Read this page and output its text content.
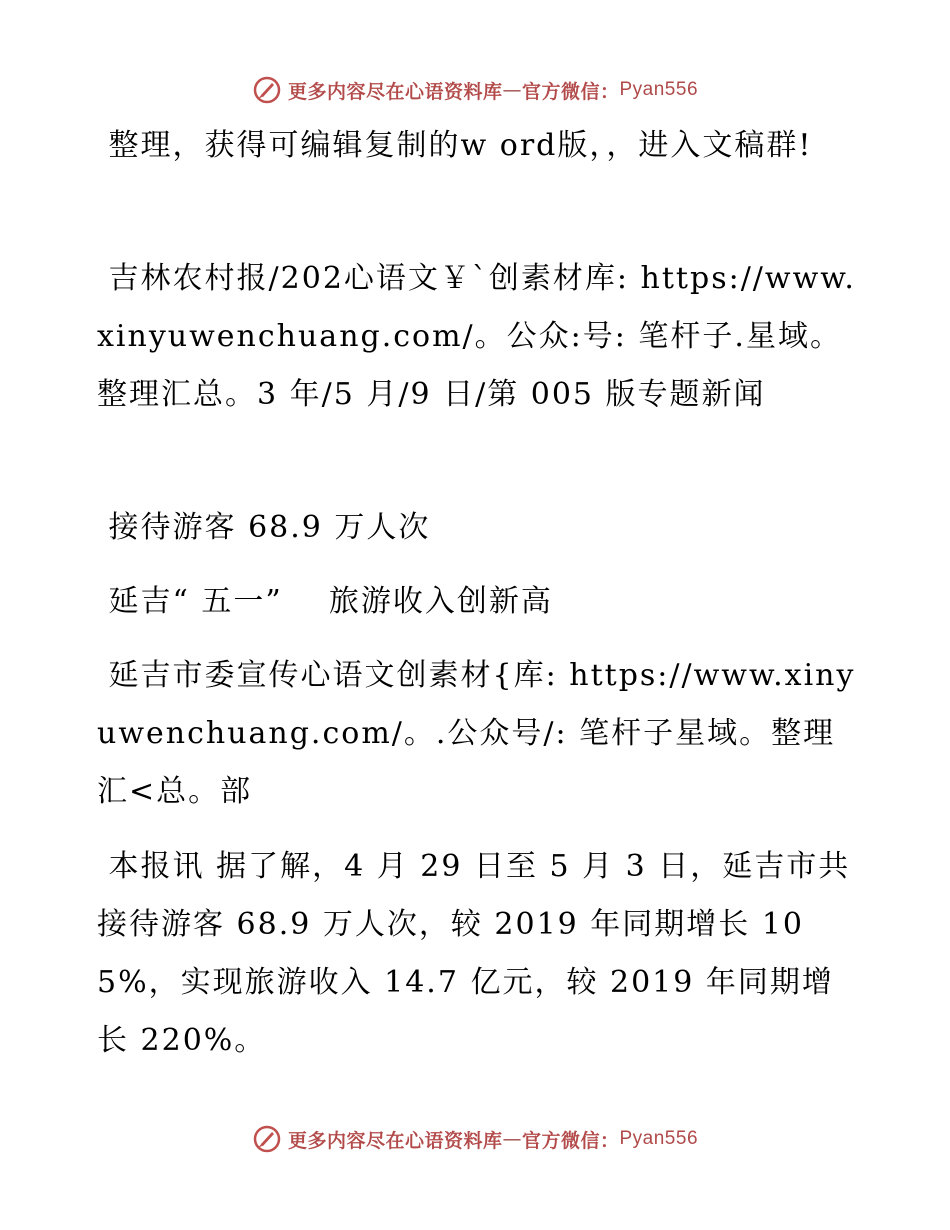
更多内容尽在心语资料库 — 官方微信： Pyan556
整理，获得可编辑复制的w ord版，，进入文稿群!
吉林农村报/202心语文￥`创素材库: https://www.xinyuwenchuang.com/。公众:号: 笔杆子.星域。整理汇总。3 年/5 月/9 日/第 005 版专题新闻
接待游客 68.9 万人次
延吉“ 五一”    旅游收入创新高
延吉市委宣传心语文创素材{库: https://www.xinyuwenchuang.com/。.公众号/: 笔杆子星域。整理汇<总。部
本报讯 据了解，4 月 29 日至 5 月 3 日，延吉市共接待游客 68.9 万人次，较 2019 年同期增长 105%，实现旅游收入 14.7 亿元，较 2019 年同期增长 220%。
更多内容尽在心语资料库 — 官方微信： Pyan556
